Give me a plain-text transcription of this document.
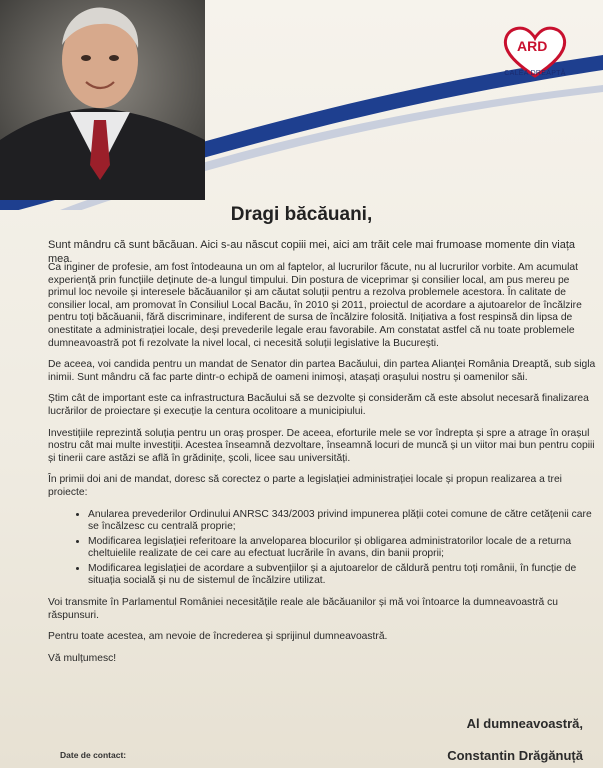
ARD
CALEA DREAPTĂ
Dragi băcăuani,
Sunt mândru că sunt băcăuan. Aici s-au născut copiii mei, aici am trăit cele mai frumoase momente din viața mea.

Ca inginer de profesie, am fost întodeauna un om al faptelor, al lucrurilor făcute, nu al lucrurilor vorbite. Am acumulat experiență prin funcțiile deținute de-a lungul timpului. Din postura de viceprimar și consilier local, am pus mereu pe primul loc nevoile și interesele băcăuanilor și am căutat soluții pentru a rezolva problemele acestora. În calitate de consilier local, am promovat în Consiliul Local Bacău, în 2010 și 2011, proiectul de acordare a ajutoarelor de încălzire pentru toți băcăuanii, fără discriminare, indiferent de sursa de încălzire folosită. Inițiativa a fost respinsă din lipsa de onestitate a administrației locale, deși prevederile legale erau favorabile. Am constatat astfel că nu toate problemele dumneavoastră pot fi rezolvate la nivel local, ci necesită soluții legislative la București.

De aceea, voi candida pentru un mandat de Senator din partea Bacăului, din partea Alianței România Dreaptă, sub sigla inimii. Sunt mândru că fac parte dintr-o echipă de oameni inimoși, atașați orașului nostru și oamenilor săi.

Știm cât de important este ca infrastructura Bacăului să se dezvolte și considerăm că este absolut necesară finalizarea lucrărilor de proiectare și execuție la centura ocolitoare a municipiului.

Investițiile reprezintă soluția pentru un oraș prosper. De aceea, eforturile mele se vor îndrepta și spre a atrage în orașul nostru cât mai multe investiții. Acestea înseamnă dezvoltare, înseamnă locuri de muncă și un viitor mai bun pentru copiii și tinerii care astăzi se află în grădinițe, școli, licee sau universități.

În primii doi ani de mandat, doresc să corectez o parte a legislației administrației locale și propun realizarea a trei proiecte:

• Anularea prevederilor Ordinului ANRSC 343/2003 privind impunerea plății cotei comune de către cetățenii care se încălzesc cu centrală proprie;
• Modificarea legislației referitoare la anveloparea blocurilor și obligarea administratorilor locale de a returna cheltuielile realizate de cei care au efectuat lucrările în avans, din banii proprii;
• Modificarea legislației de acordare a subvențiilor și a ajutoarelor de căldură pentru toți românii, în funcție de situația socială și nu de sistemul de încălzire utilizat.

Voi transmite în Parlamentul României necesitățile reale ale băcăuanilor și mă voi întoarce la dumneavoastră cu răspunsuri.

Pentru toate acestea, am nevoie de încrederea și sprijinul dumneavoastră.

Vă mulțumesc!

Al dumneavoastră,
Date de contact:	Constantin Drăgănuță
